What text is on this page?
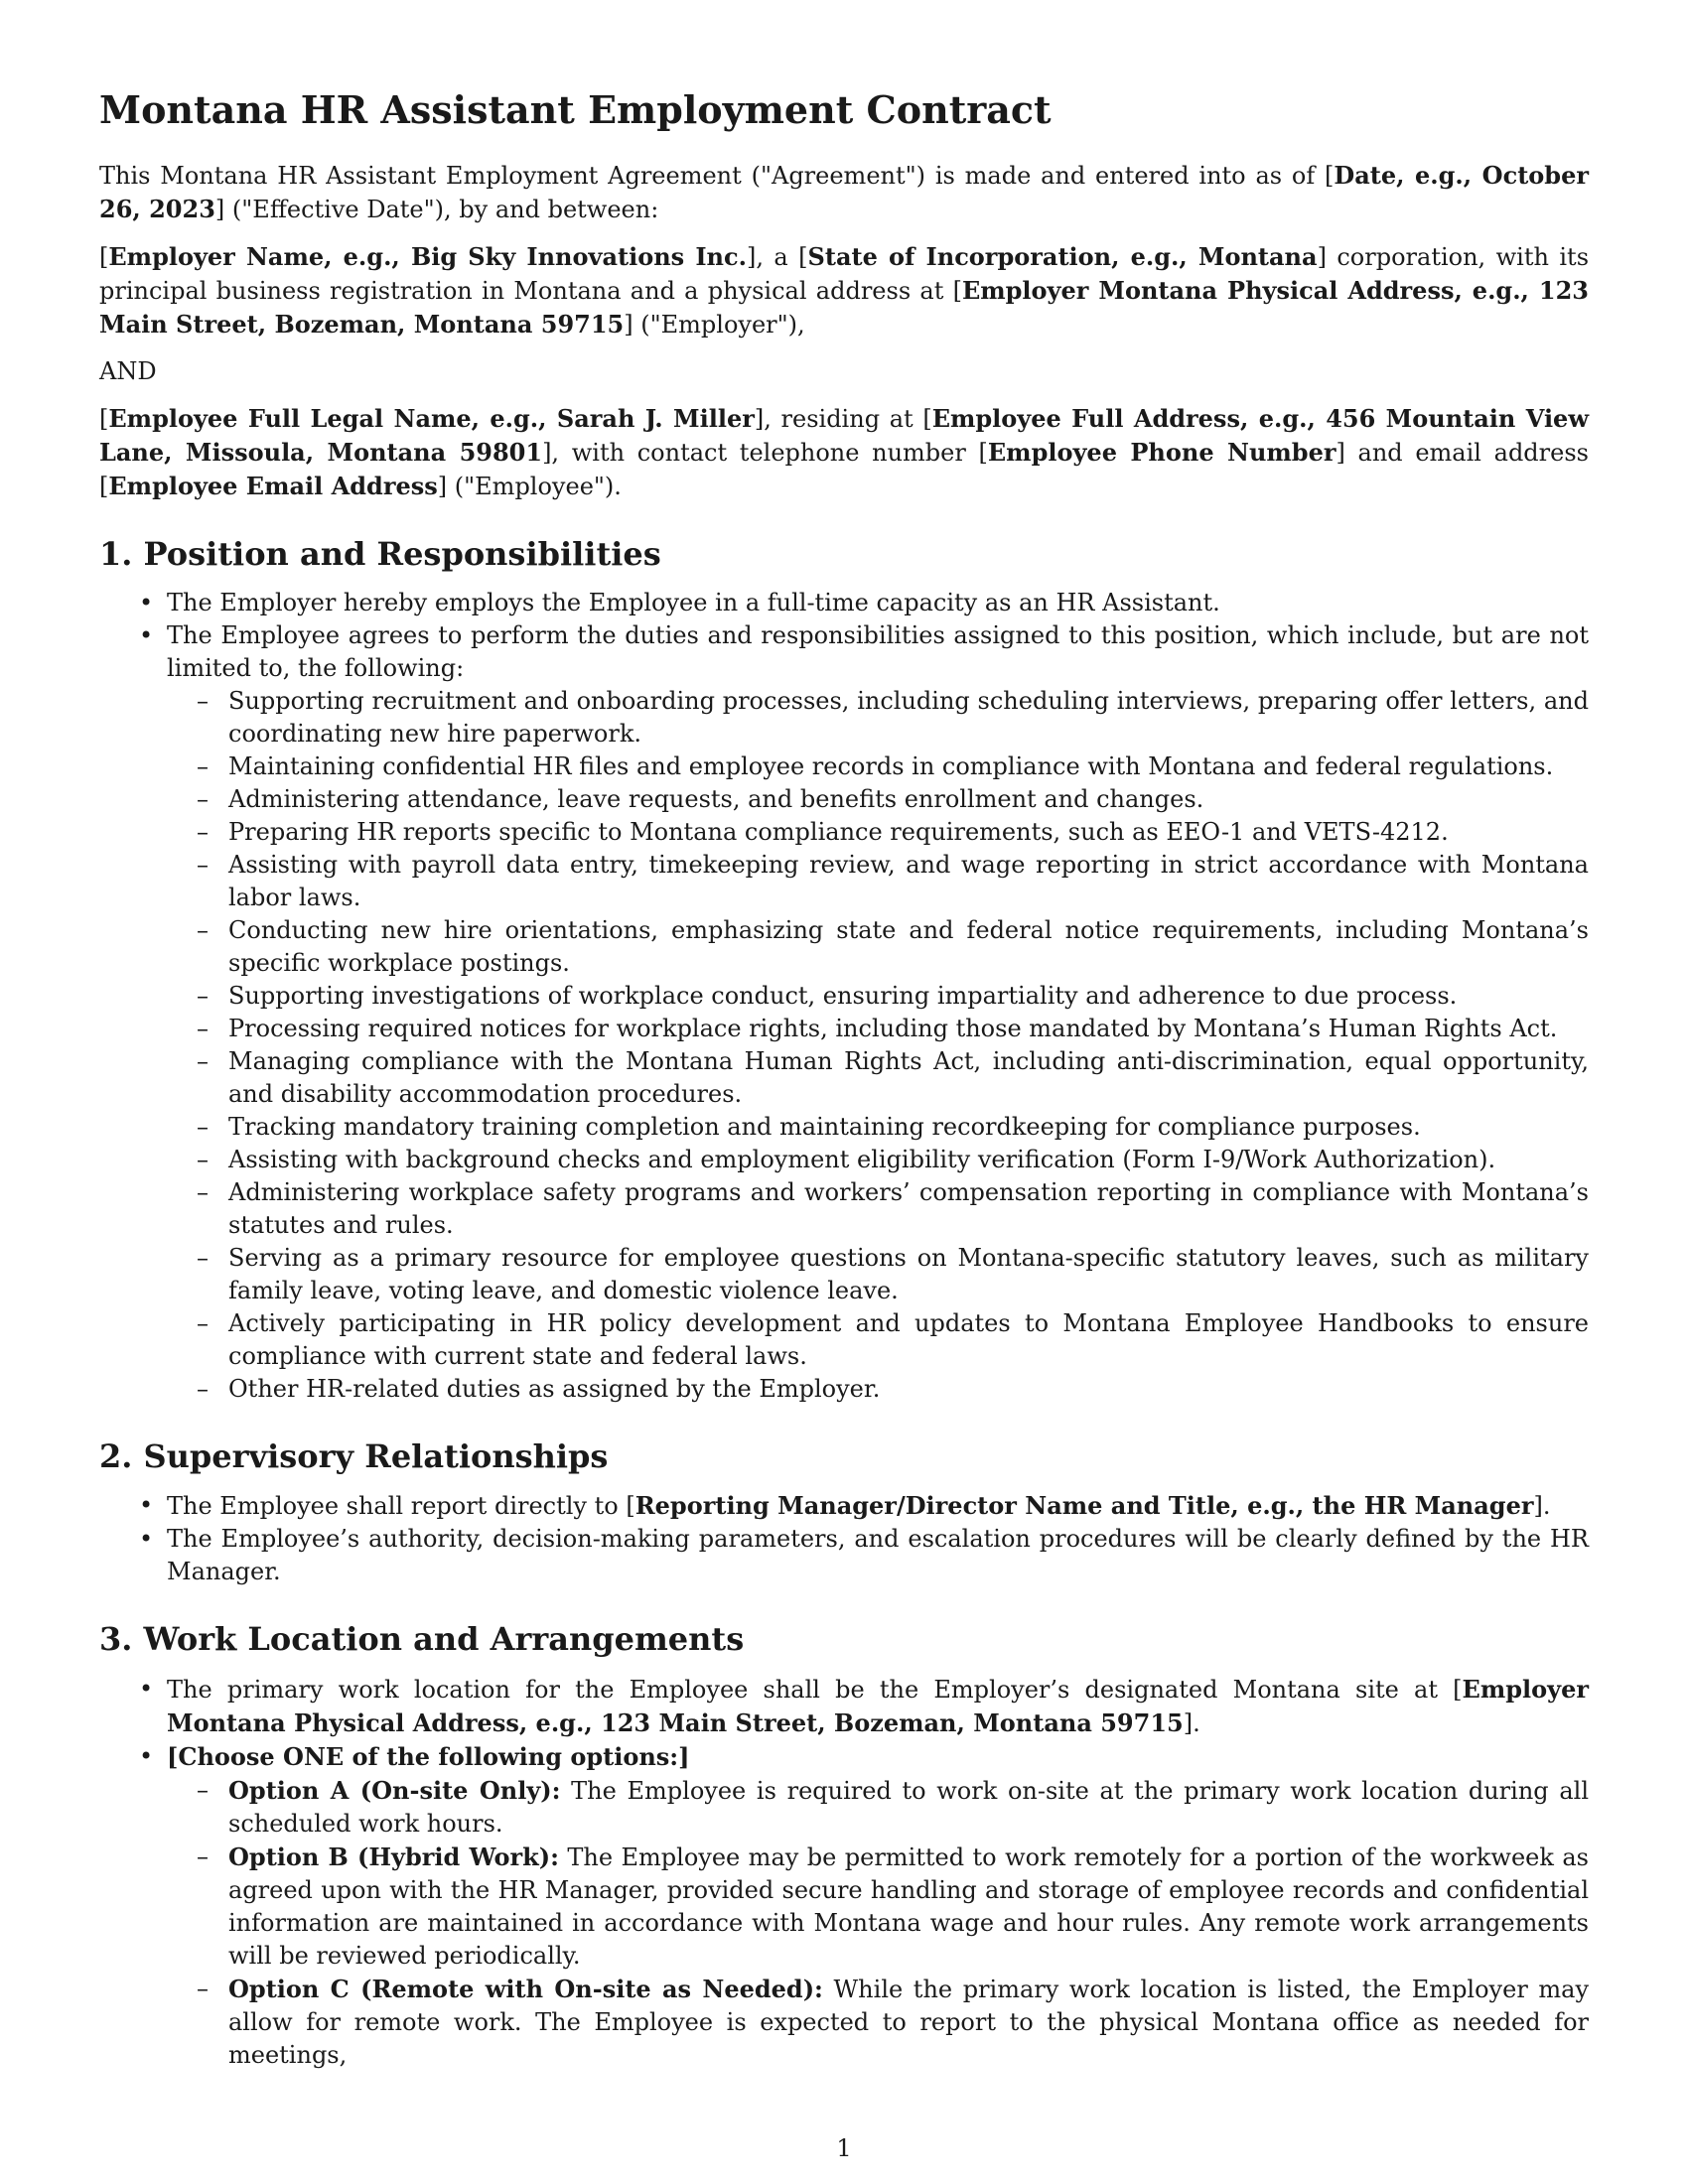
Montana HR Assistant Employment Contract

This Montana HR Assistant Employment Agreement ("Agreement") is made and entered into as of [Date, e.g., October 26, 2023] ("Effective Date"), by and between:

[Employer Name, e.g., Big Sky Innovations Inc.], a [State of Incorporation, e.g., Montana] corporation, with its principal business registration in Montana and a physical address at [Employer Montana Physical Address, e.g., 123 Main Street, Bozeman, Montana 59715] ("Employer"),

AND

[Employee Full Legal Name, e.g., Sarah J. Miller], residing at [Employee Full Address, e.g., 456 Mountain View Lane, Missoula, Montana 59801], with contact telephone number [Employee Phone Number] and email address [Employee Email Address] ("Employee").

1. Position and Responsibilities
• The Employer hereby employs the Employee in a full-time capacity as an HR Assistant.
• The Employee agrees to perform the duties and responsibilities assigned to this position, which include, but are not limited to, the following:
– Supporting recruitment and onboarding processes, including scheduling interviews, preparing offer letters, and coordinating new hire paperwork.
– Maintaining confidential HR files and employee records in compliance with Montana and federal regulations.
– Administering attendance, leave requests, and benefits enrollment and changes.
– Preparing HR reports specific to Montana compliance requirements, such as EEO-1 and VETS-4212.
– Assisting with payroll data entry, timekeeping review, and wage reporting in strict accordance with Montana labor laws.
– Conducting new hire orientations, emphasizing state and federal notice requirements, including Montana’s specific workplace postings.
– Supporting investigations of workplace conduct, ensuring impartiality and adherence to due process.
– Processing required notices for workplace rights, including those mandated by Montana’s Human Rights Act.
– Managing compliance with the Montana Human Rights Act, including anti-discrimination, equal opportunity, and disability accommodation procedures.
– Tracking mandatory training completion and maintaining recordkeeping for compliance purposes.
– Assisting with background checks and employment eligibility verification (Form I-9/Work Authorization).
– Administering workplace safety programs and workers’ compensation reporting in compliance with Montana’s statutes and rules.
– Serving as a primary resource for employee questions on Montana-specific statutory leaves, such as military family leave, voting leave, and domestic violence leave.
– Actively participating in HR policy development and updates to Montana Employee Handbooks to ensure compliance with current state and federal laws.
– Other HR-related duties as assigned by the Employer.
2. Supervisory Relationships
• The Employee shall report directly to [Reporting Manager/Director Name and Title, e.g., the HR Manager].
• The Employee’s authority, decision-making parameters, and escalation procedures will be clearly defined by the HR Manager.
3. Work Location and Arrangements
• The primary work location for the Employee shall be the Employer’s designated Montana site at [Employer Montana Physical Address, e.g., 123 Main Street, Bozeman, Montana 59715].
• [Choose ONE of the following options:]
– Option A (On-site Only): The Employee is required to work on-site at the primary work location during all scheduled work hours.
– Option B (Hybrid Work): The Employee may be permitted to work remotely for a portion of the workweek as agreed upon with the HR Manager, provided secure handling and storage of employee records and confidential information are maintained in accordance with Montana wage and hour rules. Any remote work arrangements will be reviewed periodically.
– Option C (Remote with On-site as Needed): While the primary work location is listed, the Employer may allow for remote work. The Employee is expected to report to the physical Montana office as needed for meetings,
1
